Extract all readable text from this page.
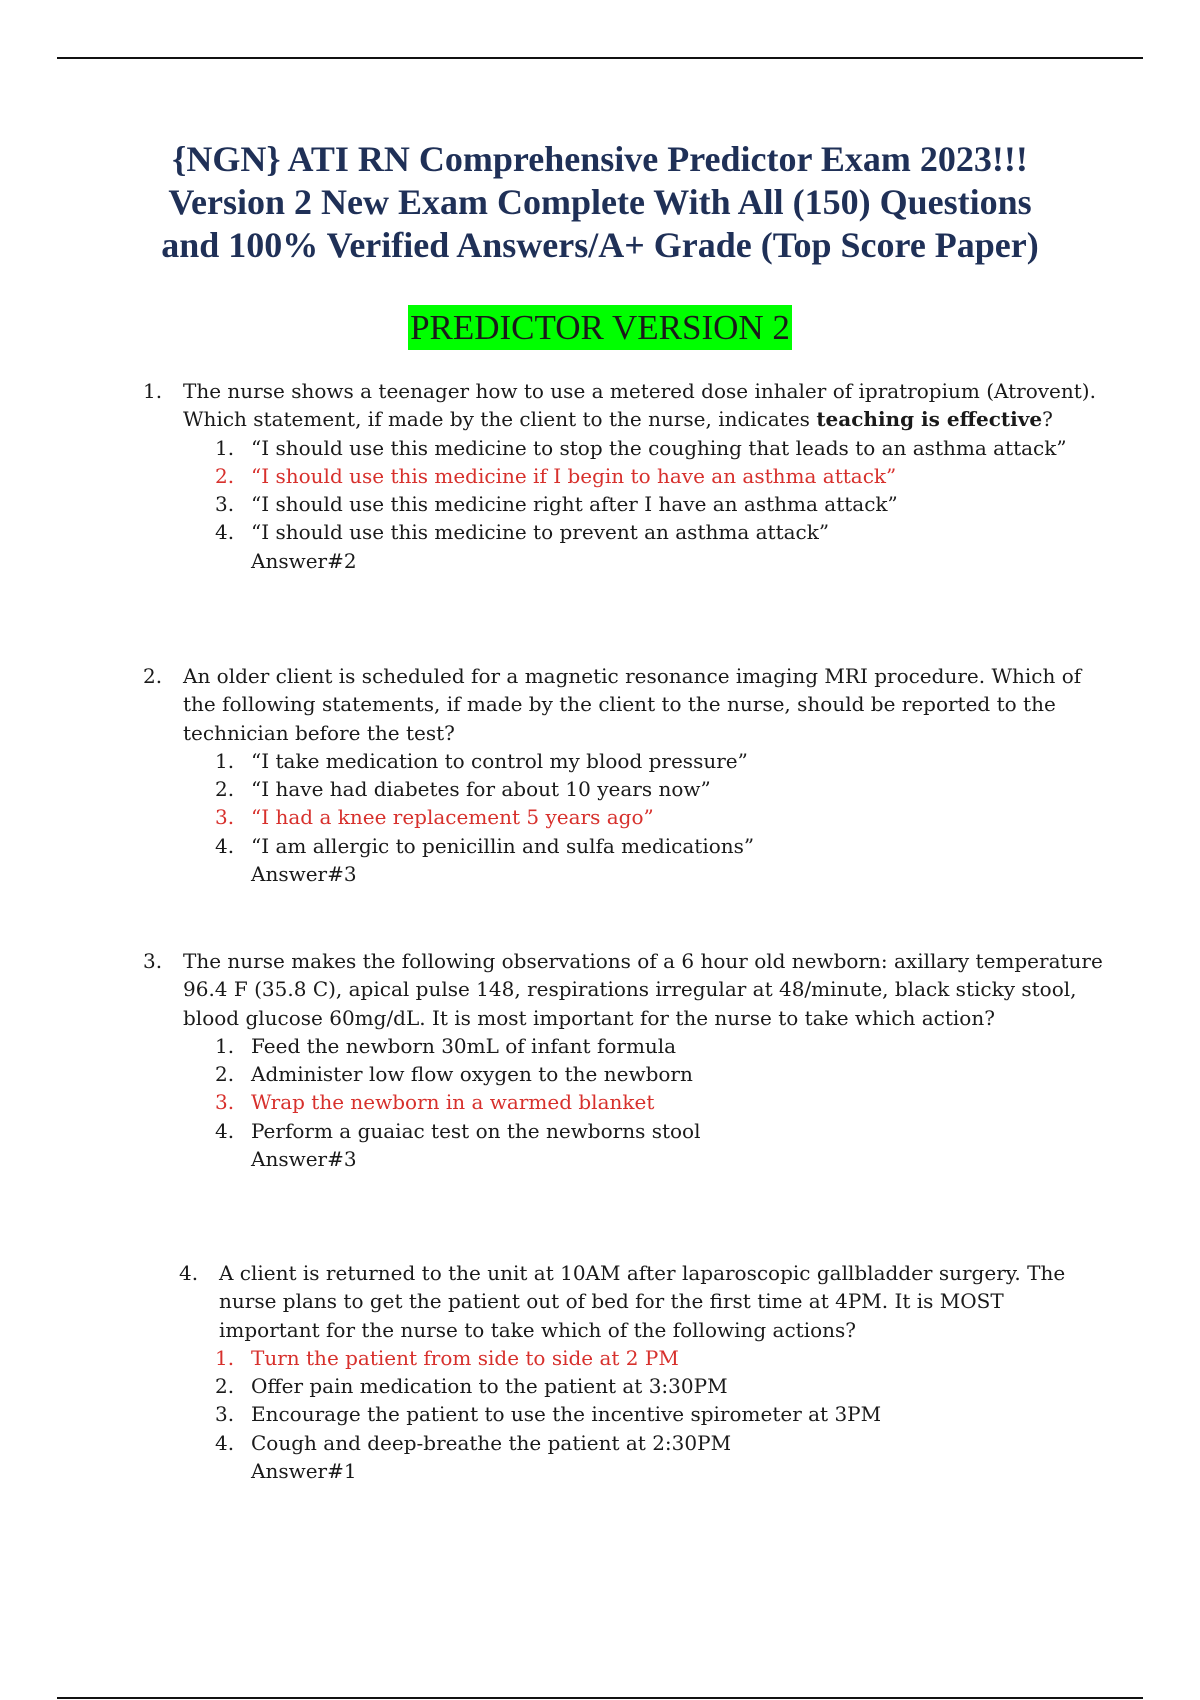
{NGN} ATI RN Comprehensive Predictor Exam 2023!!!
Version 2 New Exam Complete With All (150) Questions
and 100% Verified Answers/A+ Grade (Top Score Paper)
PREDICTOR VERSION 2
1. The nurse shows a teenager how to use a metered dose inhaler of ipratropium (Atrovent). Which statement, if made by the client to the nurse, indicates teaching is effective?
1. “I should use this medicine to stop the coughing that leads to an asthma attack”
2. “I should use this medicine if I begin to have an asthma attack”
3. “I should use this medicine right after I have an asthma attack”
4. “I should use this medicine to prevent an asthma attack”
Answer#2
2. An older client is scheduled for a magnetic resonance imaging MRI procedure. Which of the following statements, if made by the client to the nurse, should be reported to the technician before the test?
1. “I take medication to control my blood pressure”
2. “I have had diabetes for about 10 years now”
3. “I had a knee replacement 5 years ago”
4. “I am allergic to penicillin and sulfa medications”
Answer#3
3. The nurse makes the following observations of a 6 hour old newborn: axillary temperature 96.4 F (35.8 C), apical pulse 148, respirations irregular at 48/minute, black sticky stool, blood glucose 60mg/dL. It is most important for the nurse to take which action?
1. Feed the newborn 30mL of infant formula
2. Administer low flow oxygen to the newborn
3. Wrap the newborn in a warmed blanket
4. Perform a guaiac test on the newborns stool
Answer#3
4. A client is returned to the unit at 10AM after laparoscopic gallbladder surgery. The nurse plans to get the patient out of bed for the first time at 4PM. It is MOST important for the nurse to take which of the following actions?
1. Turn the patient from side to side at 2 PM
2. Offer pain medication to the patient at 3:30PM
3. Encourage the patient to use the incentive spirometer at 3PM
4. Cough and deep-breathe the patient at 2:30PM
Answer#1
